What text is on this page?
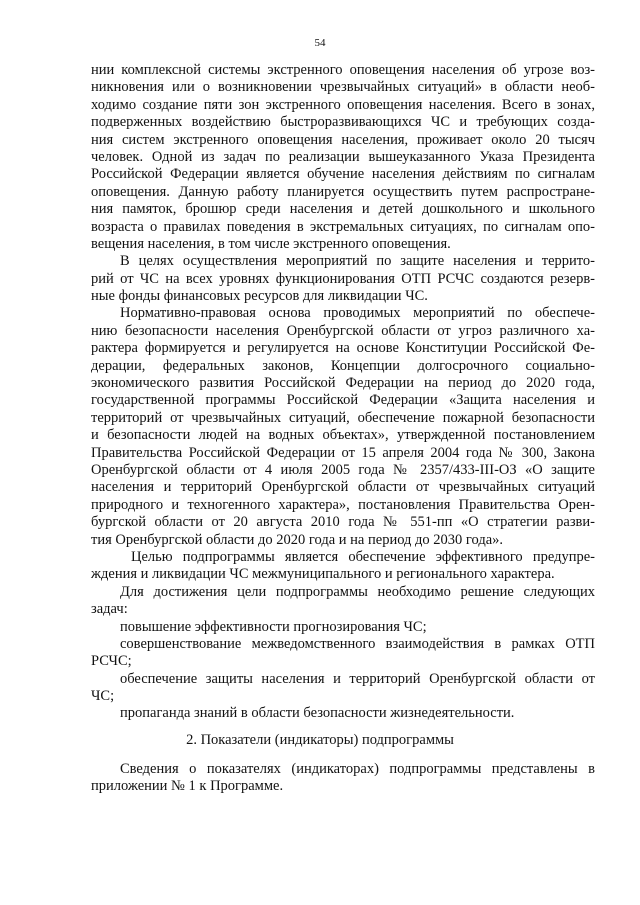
54
нии комплексной системы экстренного оповещения населения об угрозе воз-
никновения или о возникновении чрезвычайных ситуаций» в области необ-
ходимо создание пяти зон экстренного оповещения населения. Всего в зонах,
подверженных воздействию быстроразвивающихся ЧС и требующих созда-
ния систем экстренного оповещения населения, проживает около 20 тысяч
человек. Одной из задач по реализации вышеуказанного Указа Президента
Российской Федерации является обучение населения действиям по сигналам
оповещения. Данную работу планируется осуществить путем распростране-
ния памяток, брошюр среди населения и детей дошкольного и школьного
возраста о правилах поведения в экстремальных ситуациях, по сигналам опо-
вещения населения, в том числе экстренного оповещения.
В целях осуществления мероприятий по защите населения и террито-
рий от ЧС на всех уровнях функционирования ОТП РСЧС создаются резерв-
ные фонды финансовых ресурсов для ликвидации ЧС.
Нормативно-правовая основа проводимых мероприятий по обеспече-
нию безопасности населения Оренбургской области от угроз различного ха-
рактера формируется и регулируется на основе Конституции Российской Фе-
дерации, федеральных законов, Концепции долгосрочного социально-
экономического развития Российской Федерации на период до 2020 года,
государственной программы Российской Федерации «Защита населения и
территорий от чрезвычайных ситуаций, обеспечение пожарной безопасности
и безопасности людей на водных объектах», утвержденной постановлением
Правительства Российской Федерации от 15 апреля 2004 года № 300, Закона
Оренбургской области от 4 июля 2005 года № 2357/433-III-ОЗ «О защите
населения и территорий Оренбургской области от чрезвычайных ситуаций
природного и техногенного характера», постановления Правительства Орен-
бургской области от 20 августа 2010 года № 551-пп «О стратегии разви-
тия Оренбургской области до 2020 года и на период до 2030 года».
Целью подпрограммы является обеспечение эффективного предупре-
ждения и ликвидации ЧС межмуниципального и регионального характера.
Для достижения цели подпрограммы необходимо решение следующих
задач:
повышение эффективности прогнозирования ЧС;
совершенствование межведомственного взаимодействия в рамках ОТП
РСЧС;
обеспечение защиты населения и территорий Оренбургской области от
ЧС;
пропаганда знаний в области безопасности жизнедеятельности.
2. Показатели (индикаторы) подпрограммы
Сведения о показателях (индикаторах) подпрограммы представлены в
приложении № 1 к Программе.
